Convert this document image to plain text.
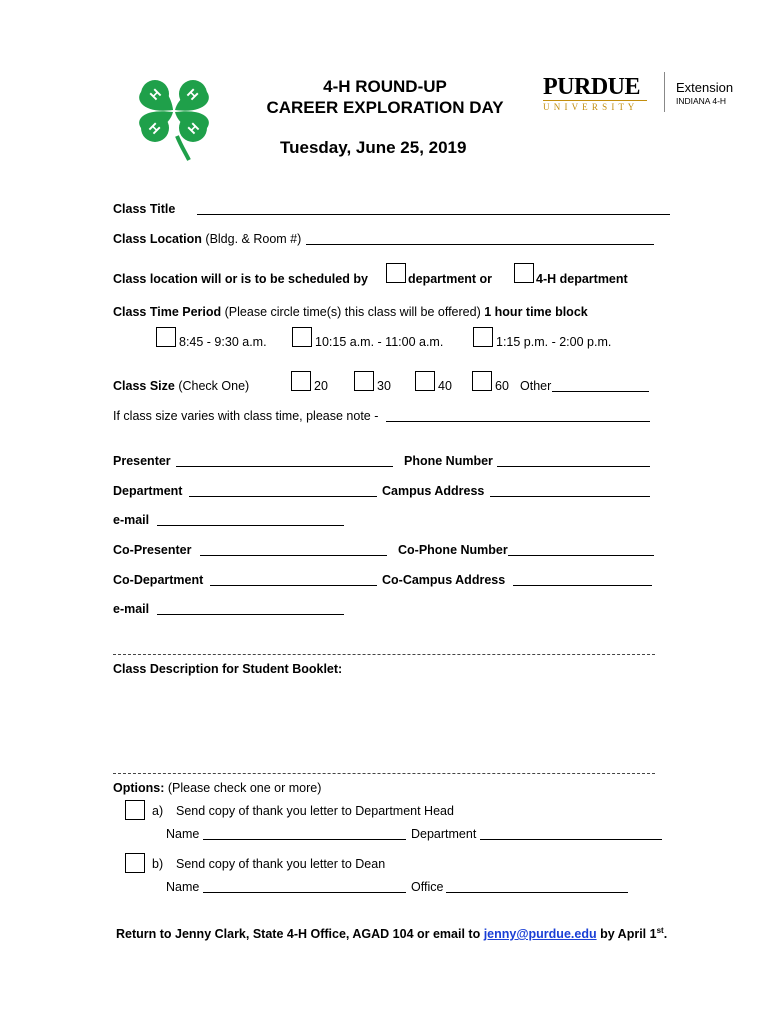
H H
H H
4-H ROUND-UP
CAREER EXPLORATION DAY
Tuesday, June 25, 2019
PURDUE
U N I V E R S I T Y
Extension
INDIANA 4-H
Class Title
Class Location (Bldg. & Room #)
Class location will or is to be scheduled by	department or	4-H department
Class Time Period (Please circle time(s) this class will be offered) 1 hour time block
8:45 - 9:30 a.m.	10:15 a.m. - 11:00 a.m.	1:15 p.m. - 2:00 p.m.
Class Size (Check One)	20	30	40	60 Other
If class size varies with class time, please note -
Presenter	Phone Number
Department	Campus Address
e-mail
Co-Presenter	Co-Phone Number
Co-Department	Co-Campus Address
e-mail
Class Description for Student Booklet:
Options: (Please check one or more)
a) Send copy of thank you letter to Department Head
Name	Department
b) Send copy of thank you letter to Dean
Name	Office
Return to Jenny Clark, State 4-H Office, AGAD 104 or email to jenny@purdue.edu by April 1st.
